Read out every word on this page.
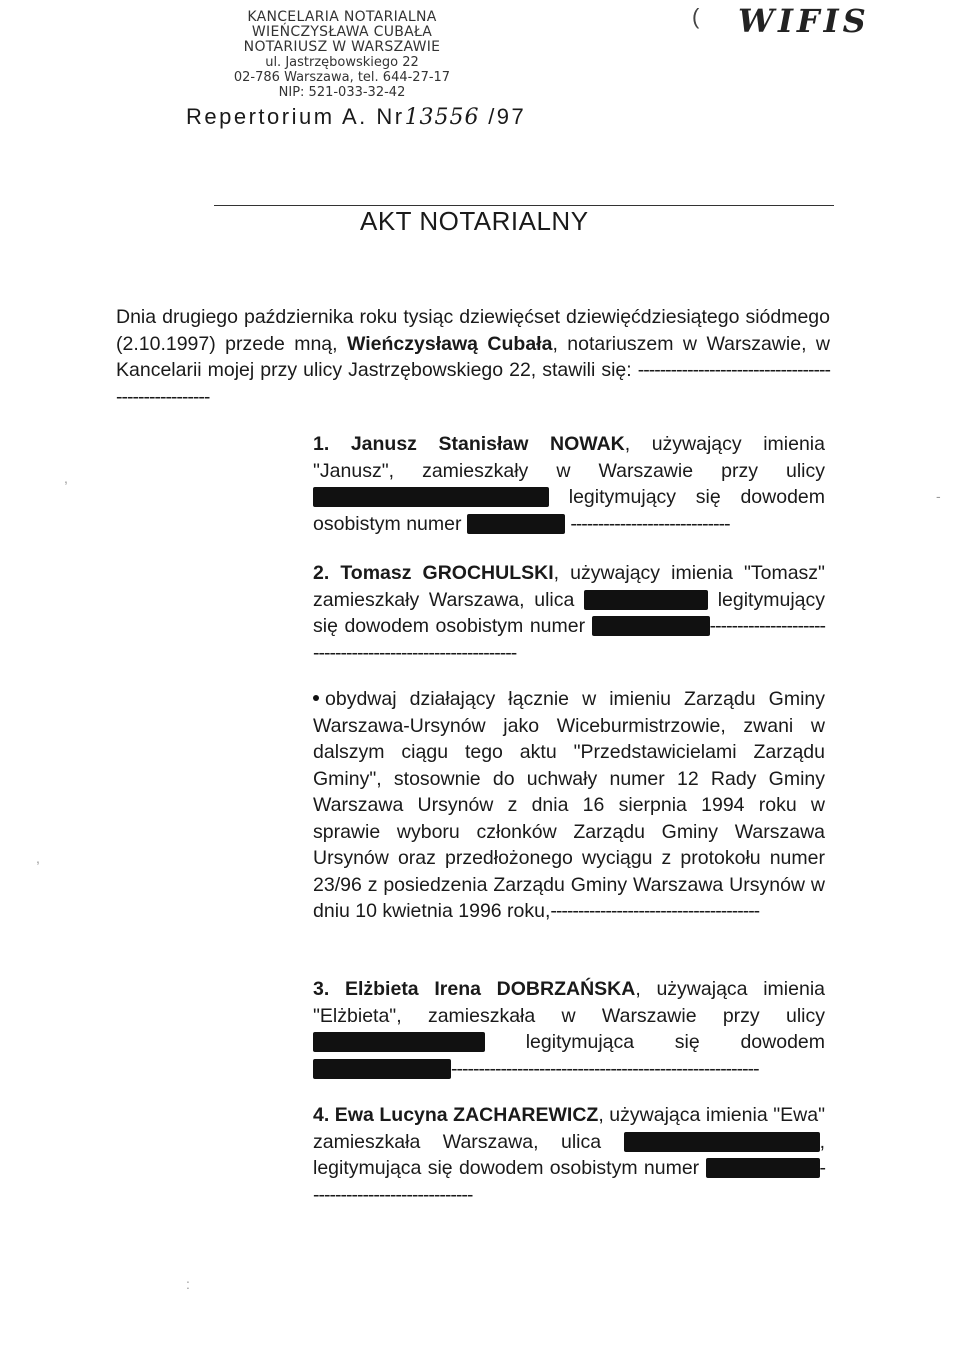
KANCELARIA NOTARIALNA
WIEŃCZYSŁAWA CUBAŁA
NOTARIUSZ W WARSZAWIE
ul. Jastrzębowskiego 22
02-786 Warszawa, tel. 644-27-17
NIP: 521-033-32-42
( WIFIS
Repertorium A. Nr13556 /97
AKT NOTARIALNY
Dnia drugiego października roku tysiąc dziewięćset dziewięćdziesiątego siódmego (2.10.1997) przede mną, Wieńczysławą Cubała, notariuszem w Warszawie, w Kancelarii mojej przy ulicy Jastrzębowskiego 22, stawili się: ----------------------------------------------------
1. Janusz Stanisław NOWAK, używający imienia "Janusz", zamieszkały w Warszawie przy ulicy  legitymujący się dowodem osobistym numer	-----------------------------
2. Tomasz GROCHULSKI, używający imienia "Tomasz" zamieszkały Warszawa, ulica	legitymujący się dowodem osobistym numer	----------------------------------------------------------
obydwaj działający łącznie w imieniu Zarządu Gminy Warszawa-Ursynów jako Wiceburmistrzowie, zwani w dalszym ciągu tego aktu "Przedstawicielami Zarządu Gminy", stosownie do uchwały numer 12 Rady Gminy Warszawa Ursynów z dnia 16 sierpnia 1994 roku w sprawie wyboru członków Zarządu Gminy Warszawa Ursynów oraz przedłożonego wyciągu z protokołu numer 23/96 z posiedzenia Zarządu Gminy Warszawa Ursynów w dniu 10 kwietnia 1996 roku,--------------------------------------
3. Elżbieta Irena DOBRZAŃSKA, używająca imienia "Elżbieta", zamieszkała w Warszawie przy ulicy  legitymująca się dowodem --------------------------------------------------------
4. Ewa Lucyna ZACHAREWICZ, używająca imienia "Ewa" zamieszkała Warszawa, ulica	, legitymująca się dowodem osobistym numer	------------------------------
,
,
-
:
